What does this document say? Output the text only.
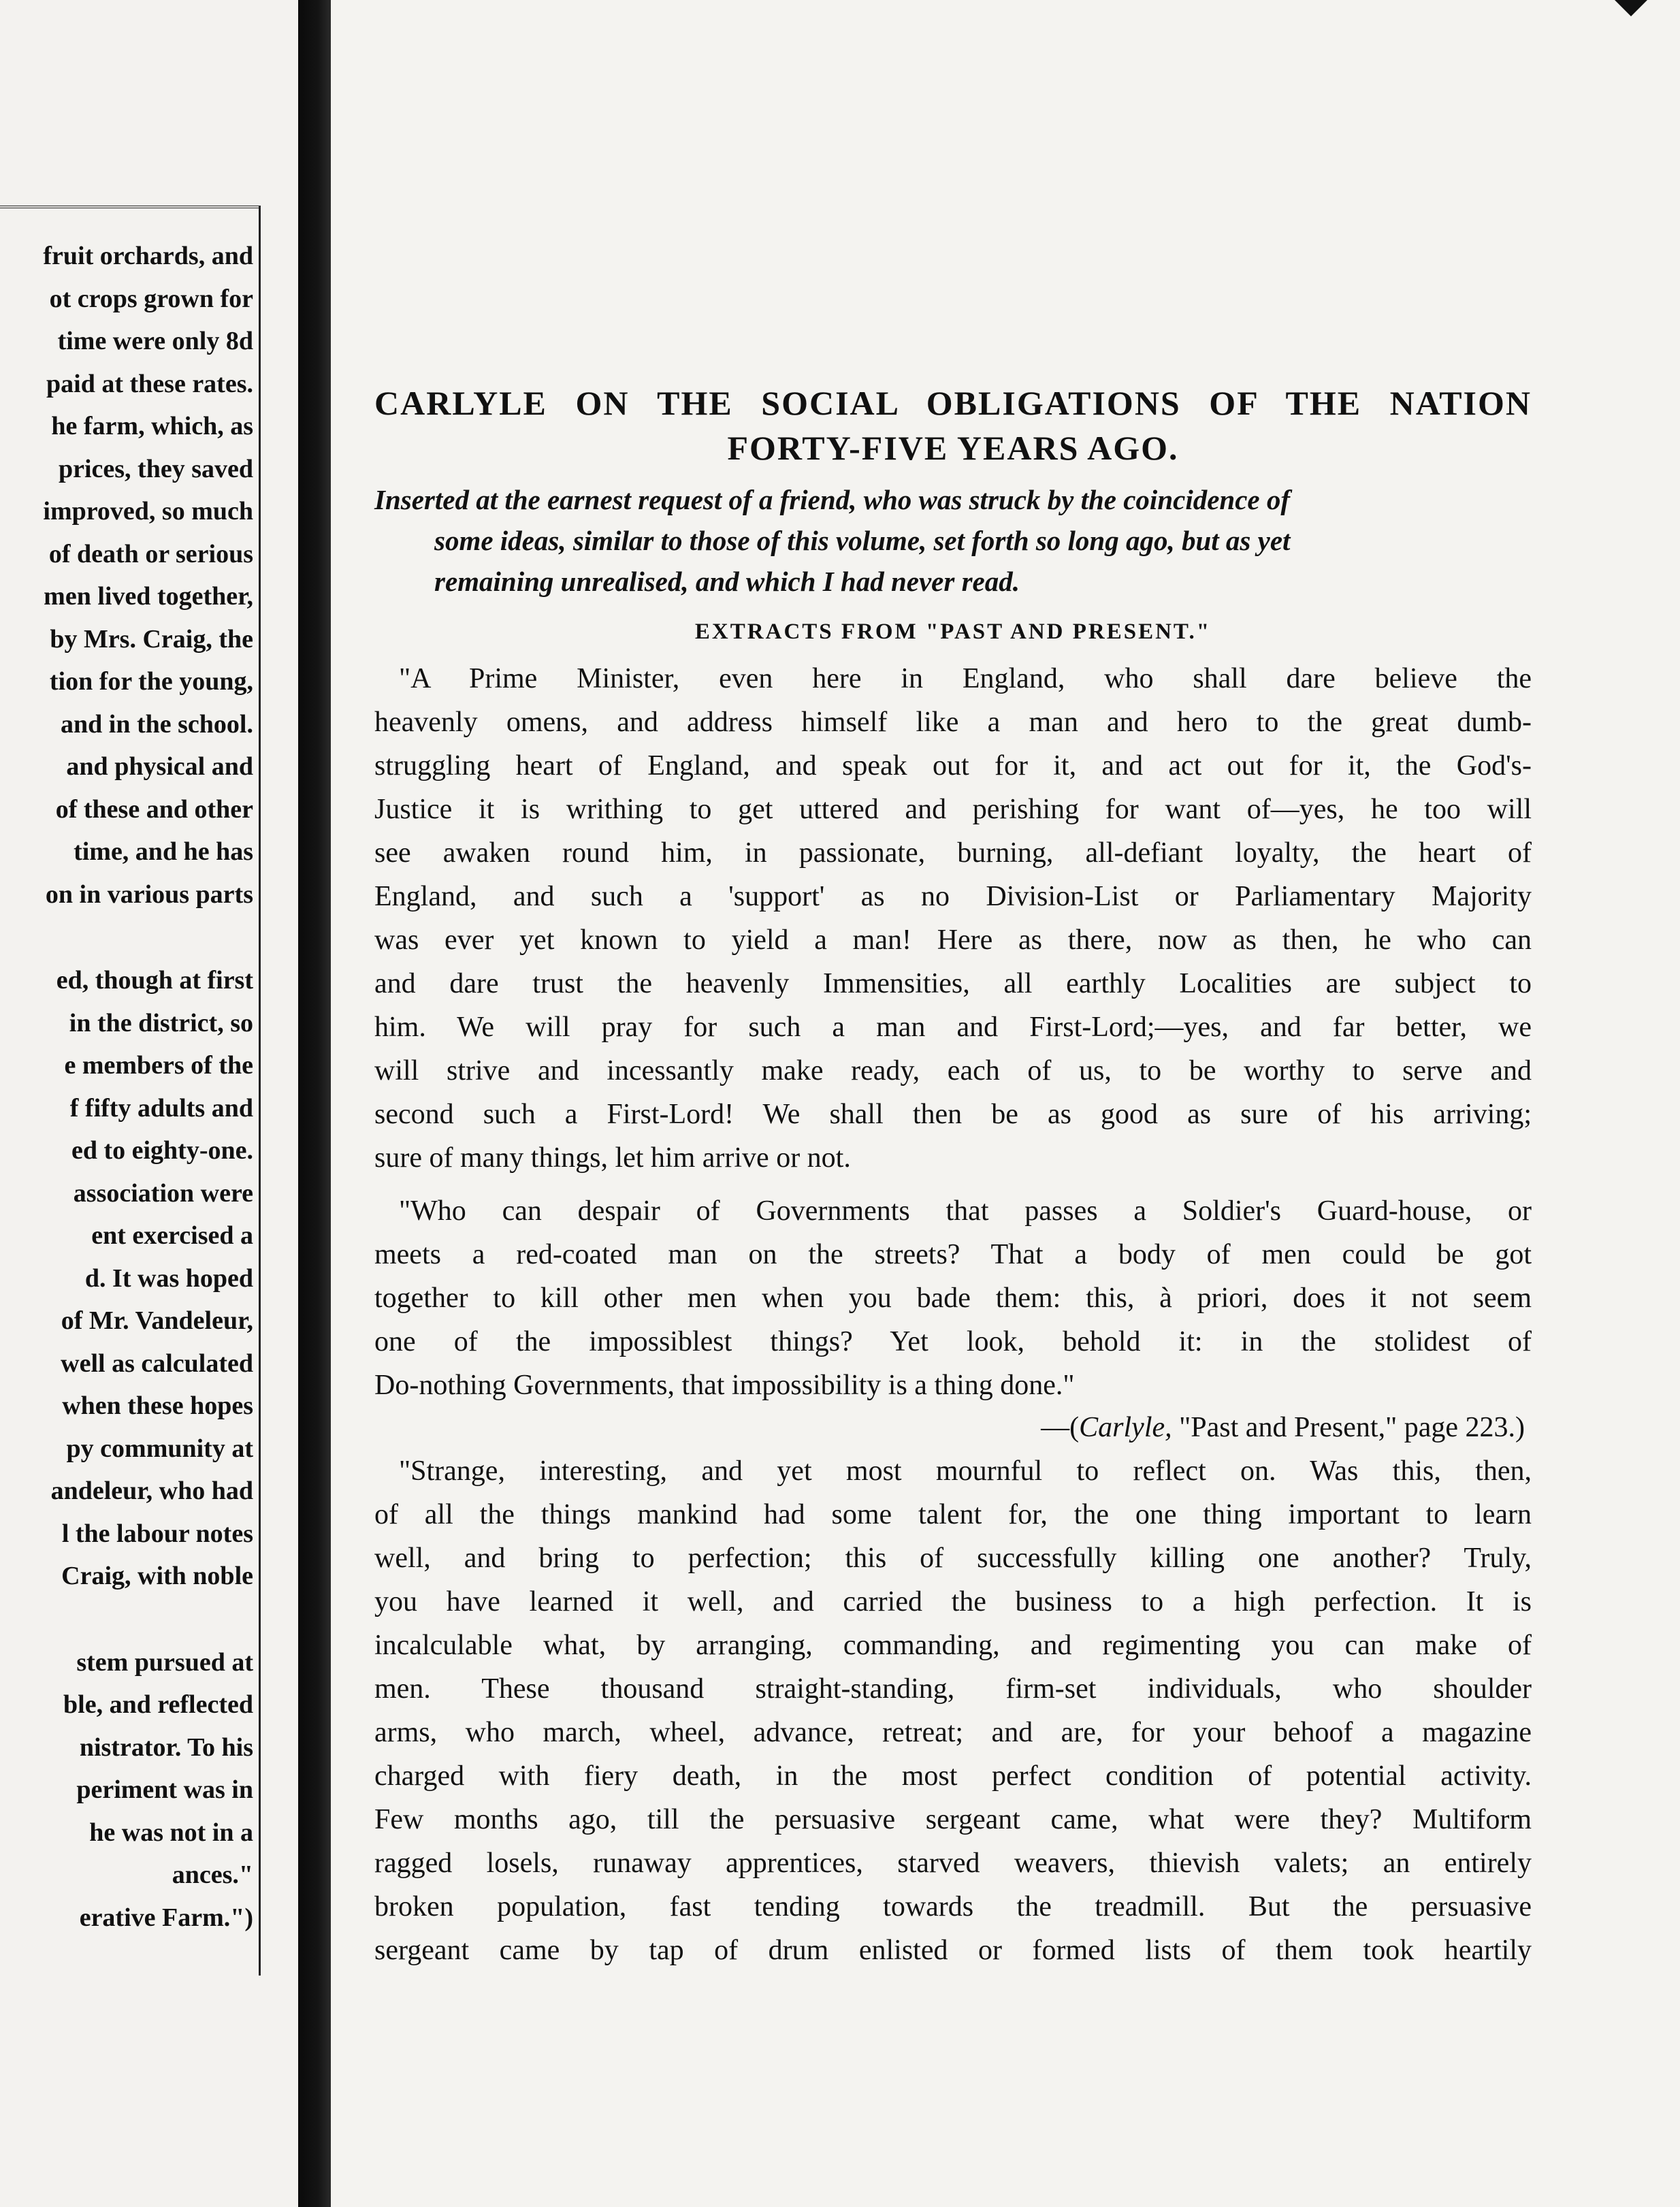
fruit orchards, and
ot crops grown for
time were only 8d
paid at these rates.
he farm, which, as
prices, they saved
improved, so much
of death or serious
men lived together,
by Mrs. Craig, the
tion for the young,
and in the school.
and physical and
of these and other
time, and he has
on in various parts
ed, though at first
in the district, so
e members of the
f fifty adults and
ed to eighty-one.
association were
ent exercised a
d. It was hoped
of Mr. Vandeleur,
well as calculated
when these hopes
py community at
andeleur, who had
l the labour notes
Craig, with noble
stem pursued at
ble, and reflected
nistrator. To his
periment was in
he was not in a
ances."
erative Farm.")
CARLYLE ON THE SOCIAL OBLIGATIONS OF THE NATION
FORTY-FIVE YEARS AGO.
Inserted at the earnest request of a friend, who was struck by the coincidence of
some ideas, similar to those of this volume, set forth so long ago, but as yet
remaining unrealised, and which I had never read.
EXTRACTS FROM "PAST AND PRESENT."
"A Prime Minister, even here in England, who shall dare believe the
heavenly omens, and address himself like a man and hero to the great dumb-
struggling heart of England, and speak out for it, and act out for it, the God's-
Justice it is writhing to get uttered and perishing for want of—yes, he too will
see awaken round him, in passionate, burning, all-defiant loyalty, the heart of
England, and such a 'support' as no Division-List or Parliamentary Majority
was ever yet known to yield a man! Here as there, now as then, he who can
and dare trust the heavenly Immensities, all earthly Localities are subject to
him. We will pray for such a man and First-Lord;—yes, and far better, we
will strive and incessantly make ready, each of us, to be worthy to serve and
second such a First-Lord! We shall then be as good as sure of his arriving;
sure of many things, let him arrive or not.
"Who can despair of Governments that passes a Soldier's Guard-house, or
meets a red-coated man on the streets? That a body of men could be got
together to kill other men when you bade them: this, à priori, does it not seem
one of the impossiblest things? Yet look, behold it: in the stolidest of
Do-nothing Governments, that impossibility is a thing done."
—(Carlyle, "Past and Present," page 223.)
"Strange, interesting, and yet most mournful to reflect on. Was this, then,
of all the things mankind had some talent for, the one thing important to learn
well, and bring to perfection; this of successfully killing one another? Truly,
you have learned it well, and carried the business to a high perfection. It is
incalculable what, by arranging, commanding, and regimenting you can make of
men. These thousand straight-standing, firm-set individuals, who shoulder
arms, who march, wheel, advance, retreat; and are, for your behoof a magazine
charged with fiery death, in the most perfect condition of potential activity.
Few months ago, till the persuasive sergeant came, what were they? Multiform
ragged losels, runaway apprentices, starved weavers, thievish valets; an entirely
broken population, fast tending towards the treadmill. But the persuasive
sergeant came by tap of drum enlisted or formed lists of them took heartily
